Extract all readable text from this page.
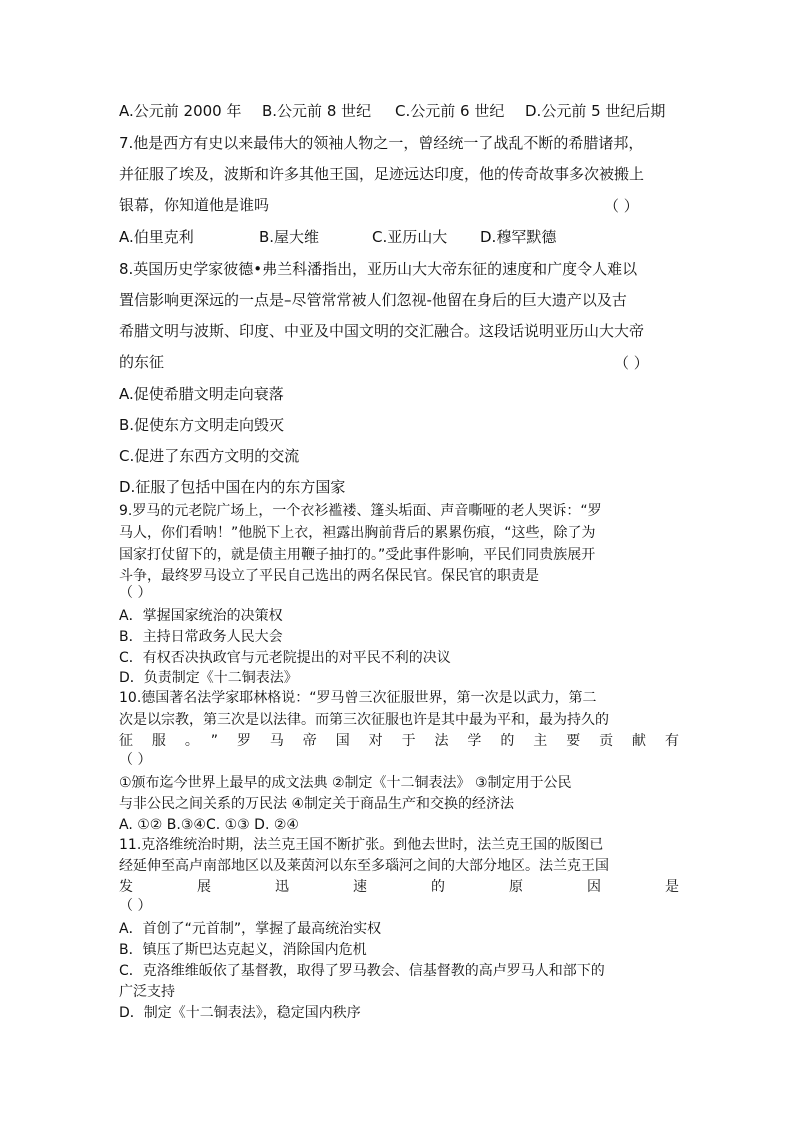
A.公元前 2000 年 B.公元前 8 世纪 C.公元前 6 世纪 D.公元前 5 世纪后期
7.他是西方有史以来最伟大的领袖人物之一，曾经统一了战乱不断的希腊诸邦，
并征服了埃及，波斯和许多其他王国，足迹远达印度，他的传奇故事多次被搬上
银幕，你知道他是谁吗	（ ）
A.伯里克利	B.屋大维	C.亚历山大 D.穆罕默德
8.英国历史学家彼德•弗兰科潘指出，亚历山大大帝东征的速度和广度令人难以
置信影响更深远的一点是–尽管常常被人们忽视-他留在身后的巨大遗产以及古
希腊文明与波斯、印度、中亚及中国文明的交汇融合。这段话说明亚历山大大帝
的东征	（ ）
A.促使希腊文明走向衰落
B.促使东方文明走向毁灭
C.促进了东西方文明的交流
D.征服了包括中国在内的东方国家
9.罗马的元老院广场上，一个衣衫褴褛、篷头垢面、声音嘶哑的老人哭诉：“罗
马人，你们看呐！”他脱下上衣，袒露出胸前背后的累累伤痕，“这些，除了为
国家打仗留下的，就是债主用鞭子抽打的。”受此事件影响，平民们同贵族展开
斗争，最终罗马设立了平民自己选出的两名保民官。保民官的职责是
（ ）
A．掌握国家统治的决策权
B．主持日常政务人民大会
C．有权否决执政官与元老院提出的对平民不利的决议
D．负责制定《十二铜表法》
10.德国著名法学家耶林格说：“罗马曾三次征服世界，第一次是以武力，第二
次是以宗教，第三次是以法律。而第三次征服也许是其中最为平和，最为持久的
征服。”罗马帝国对于法学的主要贡献有
（ ）
①颁布迄今世界上最早的成文法典 ②制定《十二铜表法》 ③制定用于公民
与非公民之间关系的万民法 ④制定关于商品生产和交换的经济法
A. ①② B.③④C. ①③ D. ②④
11.克洛维统治时期，法兰克王国不断扩张。到他去世时，法兰克王国的版图已
经延伸至高卢南部地区以及莱茵河以东至多瑙河之间的大部分地区。法兰克王国
发展迅速的原因是
（ ）
A．首创了“元首制”，掌握了最高统治实权
B．镇压了斯巴达克起义，消除国内危机
C．克洛维维皈依了基督教，取得了罗马教会、信基督教的高卢罗马人和部下的
广泛支持
D．制定《十二铜表法》，稳定国内秩序
